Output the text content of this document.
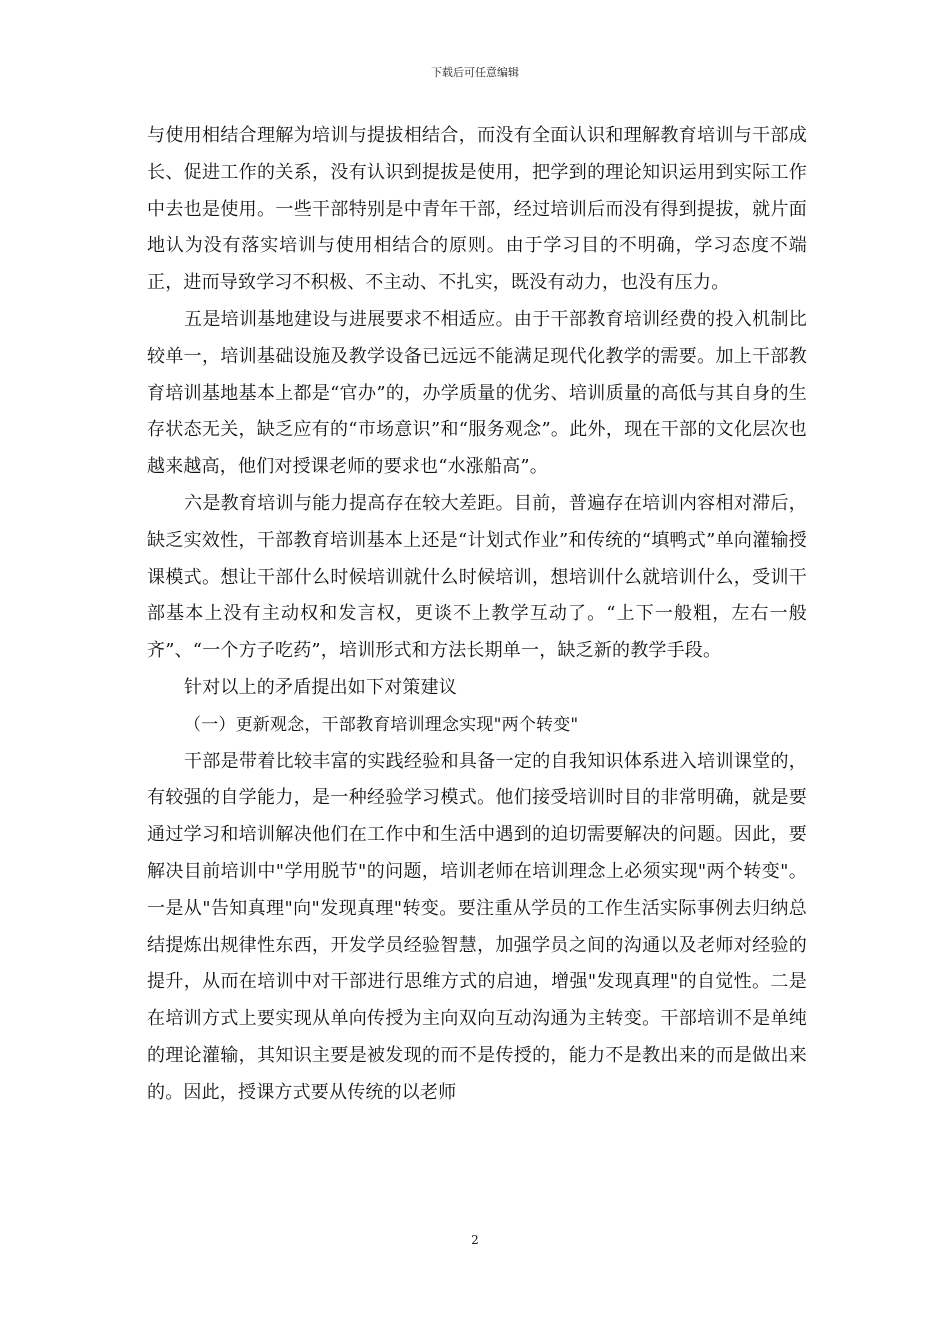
下载后可任意编辑

与使用相结合理解为培训与提拔相结合，而没有全面认识和理解教育培训与干部成长、促进工作的关系，没有认识到提拔是使用，把学到的理论知识运用到实际工作中去也是使用。一些干部特别是中青年干部，经过培训后而没有得到提拔，就片面地认为没有落实培训与使用相结合的原则。由于学习目的不明确，学习态度不端正，进而导致学习不积极、不主动、不扎实，既没有动力，也没有压力。

五是培训基地建设与进展要求不相适应。由于干部教育培训经费的投入机制比较单一，培训基础设施及教学设备已远远不能满足现代化教学的需要。加上干部教育培训基地基本上都是“官办”的，办学质量的优劣、培训质量的高低与其自身的生存状态无关，缺乏应有的“市场意识”和“服务观念”。此外，现在干部的文化层次也越来越高，他们对授课老师的要求也“水涨船高”。

六是教育培训与能力提高存在较大差距。目前，普遍存在培训内容相对滞后，缺乏实效性，干部教育培训基本上还是“计划式作业”和传统的“填鸭式”单向灌输授课模式。想让干部什么时候培训就什么时候培训，想培训什么就培训什么，受训干部基本上没有主动权和发言权，更谈不上教学互动了。“上下一般粗，左右一般齐”、“一个方子吃药”，培训形式和方法长期单一，缺乏新的教学手段。

针对以上的矛盾提出如下对策建议

（一）更新观念，干部教育培训理念实现"两个转变"

干部是带着比较丰富的实践经验和具备一定的自我知识体系进入培训课堂的，有较强的自学能力，是一种经验学习模式。他们接受培训时目的非常明确，就是要通过学习和培训解决他们在工作中和生活中遇到的迫切需要解决的问题。因此，要解决目前培训中"学用脱节"的问题，培训老师在培训理念上必须实现"两个转变"。一是从"告知真理"向"发现真理"转变。要注重从学员的工作生活实际事例去归纳总结提炼出规律性东西，开发学员经验智慧，加强学员之间的沟通以及老师对经验的提升，从而在培训中对干部进行思维方式的启迪，增强"发现真理"的自觉性。二是在培训方式上要实现从单向传授为主向双向互动沟通为主转变。干部培训不是单纯的理论灌输，其知识主要是被发现的而不是传授的，能力不是教出来的而是做出来的。因此，授课方式要从传统的以老师

2
